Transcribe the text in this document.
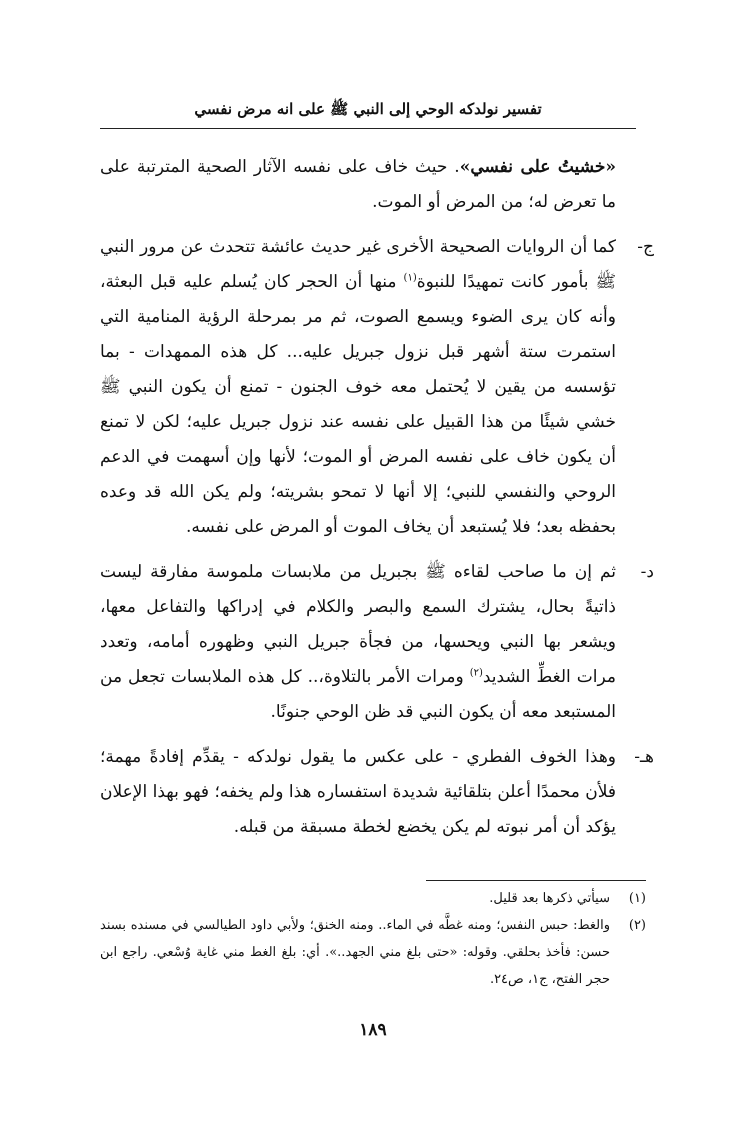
تفسير نولدكه الوحي إلى النبي ﷺ على انه مرض نفسي

«خشيتُ على نفسي». حيث خاف على نفسه الآثار الصحية المترتبة على ما تعرض له؛ من المرض أو الموت.

ج-
كما أن الروايات الصحيحة الأخرى غير حديث عائشة تتحدث عن مرور النبي ﷺ بأمور كانت تمهيدًا للنبوة$^{(١)}$ منها أن الحجر كان يُسلم عليه قبل البعثة، وأنه كان يرى الضوء ويسمع الصوت، ثم مر بمرحلة الرؤية المنامية التي استمرت ستة أشهر قبل نزول جبريل عليه... كل هذه الممهدات - بما تؤسسه من يقين لا يُحتمل معه خوف الجنون - تمنع أن يكون النبي ﷺ خشي شيئًا من هذا القبيل على نفسه عند نزول جبريل عليه؛ لكن لا تمنع أن يكون خاف على نفسه المرض أو الموت؛ لأنها وإن أسهمت في الدعم الروحي والنفسي للنبي؛ إلا أنها لا تمحو بشريته؛ ولم يكن الله قد وعده بحفظه بعد؛ فلا يُستبعد أن يخاف الموت أو المرض على نفسه.
د-
ثم إن ما صاحب لقاءه ﷺ بجبريل من ملابسات ملموسة مفارقة ليست ذاتيةً بحال، يشترك السمع والبصر والكلام في إدراكها والتفاعل معها، ويشعر بها النبي ويحسها، من فجأة جبريل النبي وظهوره أمامه، وتعدد مرات الغطِّ الشديد$^{(٢)}$ ومرات الأمر بالتلاوة،.. كل هذه الملابسات تجعل من المستبعد معه أن يكون النبي قد ظن الوحي جنونًا.
هـ-
وهذا الخوف الفطري - على عكس ما يقول نولدكه - يقدِّم إفادةً مهمة؛ فلأن محمدًا أعلن بتلقائية شديدة استفساره هذا ولم يخفه؛ فهو بهذا الإعلان يؤكد أن أمر نبوته لم يكن يخضع لخطة مسبقة من قبله.
(١)
سيأتي ذكرها بعد قليل.
(٢)
والغط: حبس النفس؛ ومنه غطَّه في الماء.. ومنه الخنق؛ ولأبي داود الطيالسي في مسنده بسند حسن: فأخذ بحلقي. وقوله: «حتى بلغ مني الجهد..». أي: بلغ الغط مني غاية وُسْعي. راجع ابن حجر الفتح، ج١، ص٢٤.
١٨٩
